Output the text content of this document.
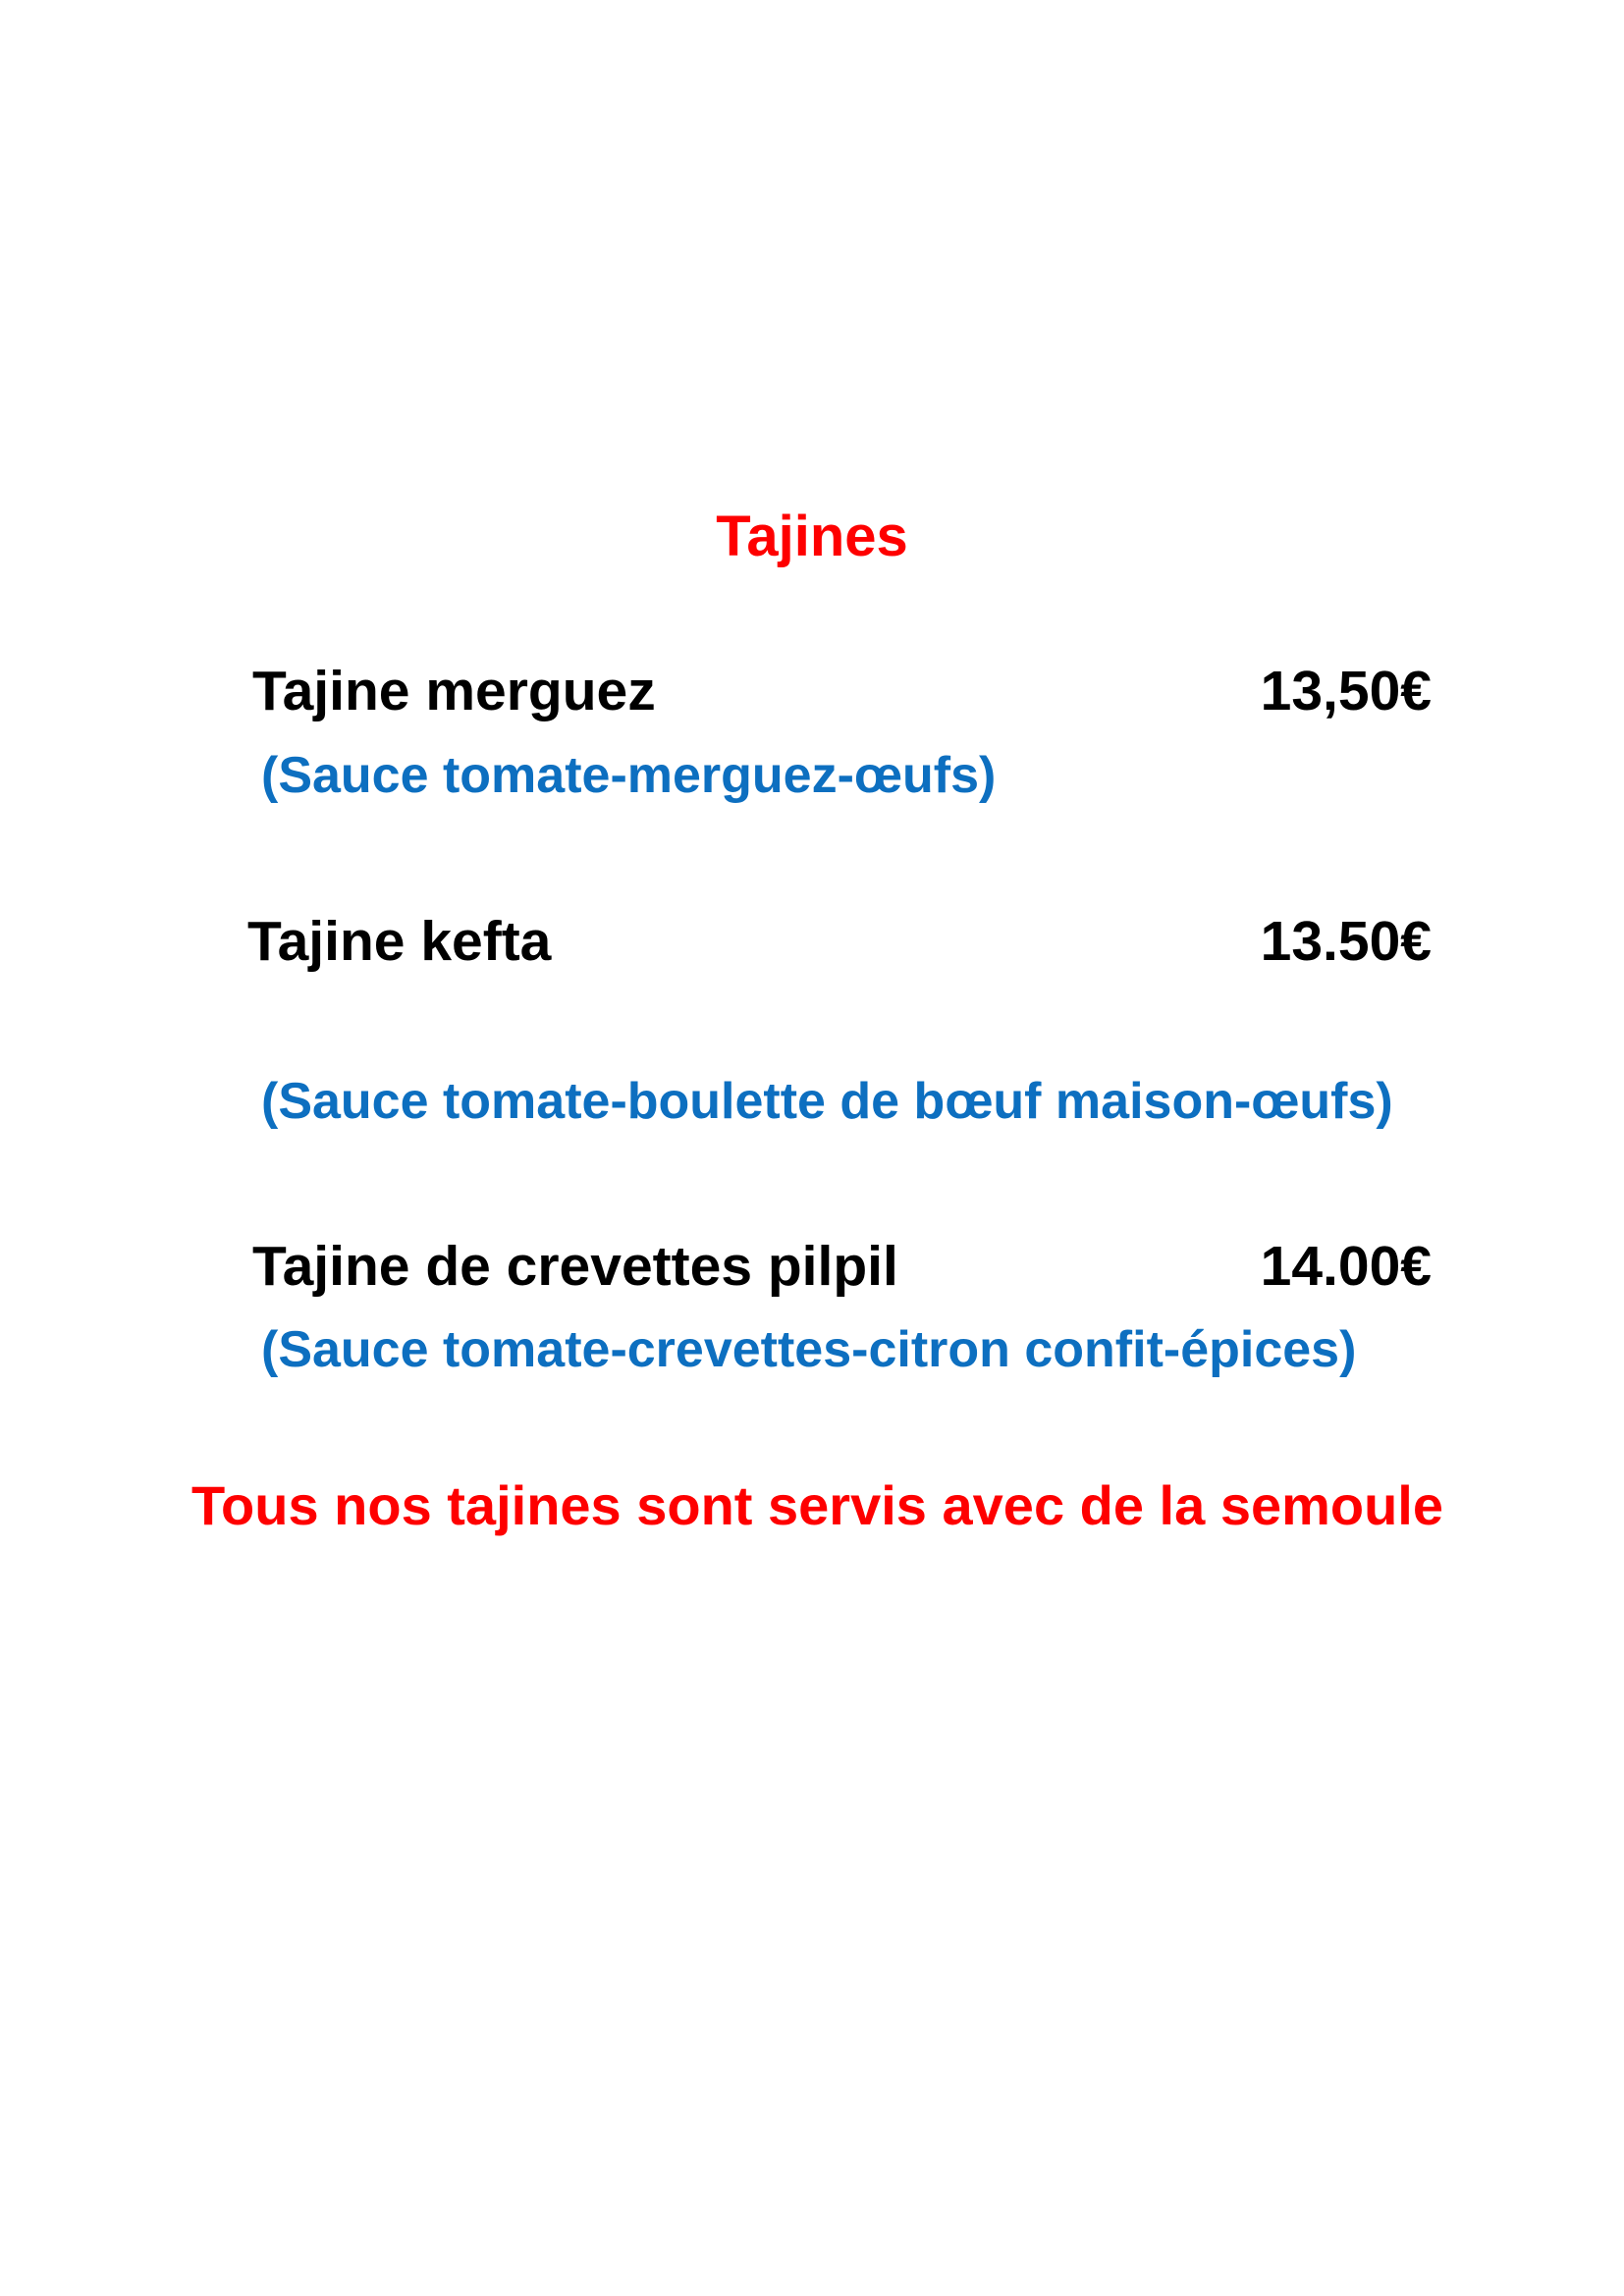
Tajines
Tajine merguez	13,50€
(Sauce tomate-merguez-œufs)
Tajine kefta	13.50€
(Sauce tomate-boulette de bœuf maison-œufs)
Tajine de crevettes pilpil	14.00€
(Sauce tomate-crevettes-citron confit-épices)
Tous nos tajines sont servis avec de la semoule
